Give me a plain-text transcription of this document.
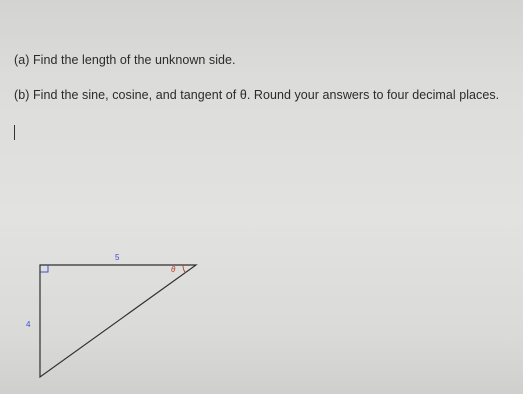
(a) Find the length of the unknown side.

(b) Find the sine, cosine, and tangent of θ. Round your answers to four decimal places.

5
4
θ
